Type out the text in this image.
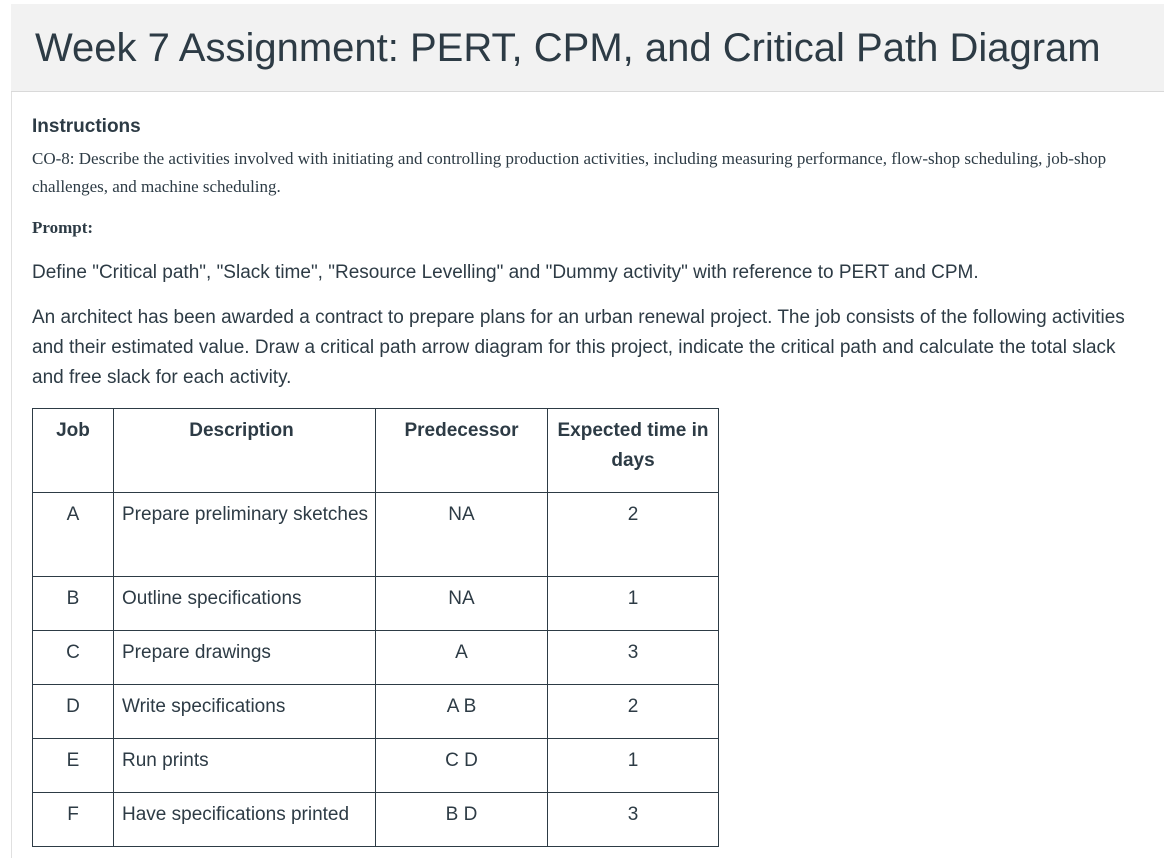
Week 7 Assignment: PERT, CPM, and Critical Path Diagram
Instructions

CO-8: Describe the activities involved with initiating and controlling production activities, including measuring performance, flow-shop scheduling, job-shop challenges, and machine scheduling.

Prompt:

Define "Critical path", "Slack time", "Resource Levelling" and "Dummy activity" with reference to PERT and CPM.

An architect has been awarded a contract to prepare plans for an urban renewal project. The job consists of the following activities and their estimated value. Draw a critical path arrow diagram for this project, indicate the critical path and calculate the total slack and free slack for each activity.

Job	Description	Predecessor	Expected time in days
A	Prepare preliminary sketches	NA	2
B	Outline specifications	NA	1
C	Prepare drawings	A	3
D	Write specifications	A B	2
E	Run prints	C D	1
F	Have specifications printed	B D	3
